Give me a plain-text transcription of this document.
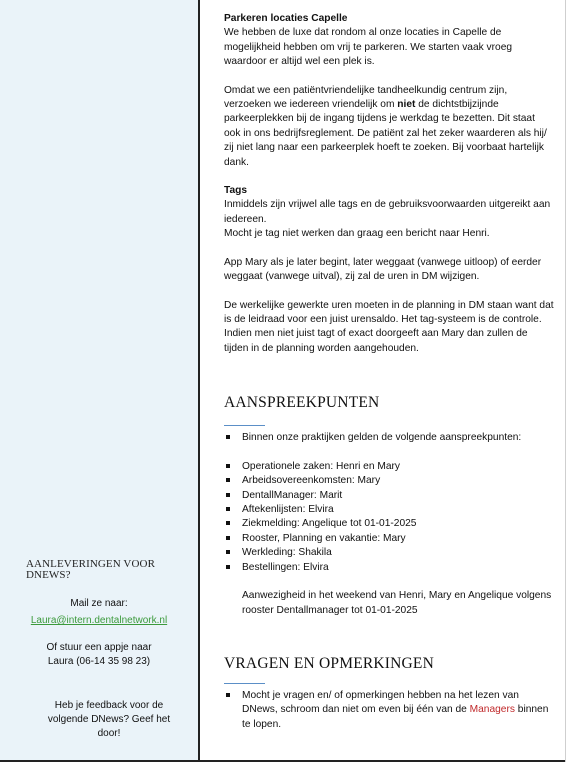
AANLEVERINGEN VOOR DNEWS?
Mail ze naar:
Laura@intern.dentalnetwork.nl
Of stuur een appje naar
Laura (06-14 35 98 23)
Heb je feedback voor de volgende DNews? Geef het door!

Parkeren locaties Capelle

We hebben de luxe dat rondom al onze locaties in Capelle de mogelijkheid hebben om vrij te parkeren. We starten vaak vroeg waardoor er altijd wel een plek is.

Omdat we een patiëntvriendelijke tandheelkundig centrum zijn, verzoeken we iedereen vriendelijk om niet de dichtstbijzijnde parkeerplekken bij de ingang tijdens je werkdag te bezetten. Dit staat ook in ons bedrijfsreglement. De patiënt zal het zeker waarderen als hij/ zij niet lang naar een parkeerplek hoeft te zoeken. Bij voorbaat hartelijk dank.

Tags

Inmiddels zijn vrijwel alle tags en de gebruiksvoorwaarden uitgereikt aan iedereen.

Mocht je tag niet werken dan graag een bericht naar Henri.

App Mary als je later begint, later weggaat (vanwege uitloop) of eerder weggaat (vanwege uitval), zij zal de uren in DM wijzigen.

De werkelijke gewerkte uren moeten in de planning in DM staan want dat is de leidraad voor een juist urensaldo. Het tag-systeem is de controle. Indien men niet juist tagt of exact doorgeeft aan Mary dan zullen de tijden in de planning worden aangehouden.

AANSPREEKPUNTEN
Binnen onze praktijken gelden de volgende aanspreekpunten:
Operationele zaken: Henri en Mary
Arbeidsovereenkomsten: Mary
DentallManager: Marit
Aftekenlijsten: Elvira
Ziekmelding: Angelique tot 01-01-2025
Rooster, Planning en vakantie: Mary
Werkleding: Shakila
Bestellingen: Elvira

Aanwezigheid in het weekend van Henri, Mary en Angelique volgens rooster Dentallmanager tot 01-01-2025

VRAGEN EN OPMERKINGEN
Mocht je vragen en/ of opmerkingen hebben na het lezen van DNews, schroom dan niet om even bij één van de Managers binnen te lopen.
